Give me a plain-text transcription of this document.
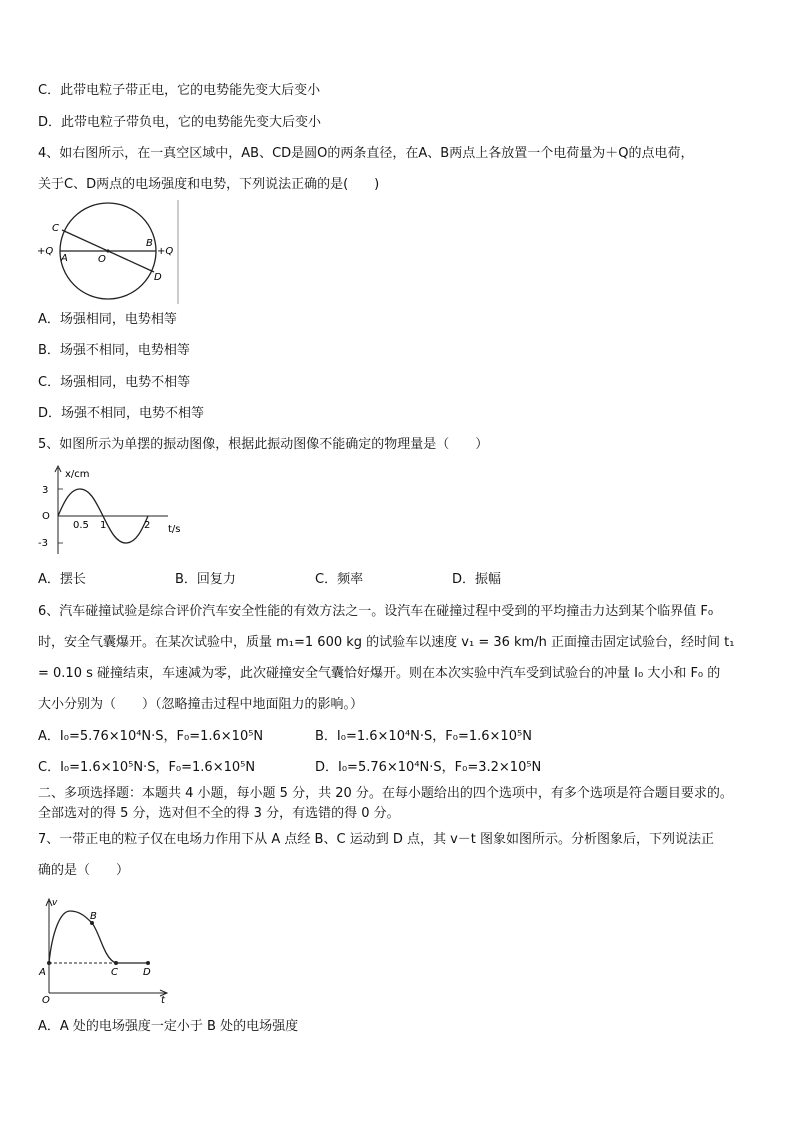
C．此带电粒子带正电，它的电势能先变大后变小
D．此带电粒子带负电，它的电势能先变大后变小
4、如右图所示，在一真空区域中，AB、CD是圆O的两条直径，在A、B两点上各放置一个电荷量为＋Q的点电荷，
关于C、D两点的电场强度和电势，下列说法正确的是(　　)
C
B
+Q
+Q
A	O
D
A．场强相同，电势相等
B．场强不相同，电势相等
C．场强相同，电势不相等
D．场强不相同，电势不相等
5、如图所示为单摆的振动图像，根据此振动图像不能确定的物理量是（　　）
x/cm
3
O
-3
0.5 1	2 t/s
A．摆长	B．回复力	C．频率	D．振幅
6、汽车碰撞试验是综合评价汽车安全性能的有效方法之一。设汽车在碰撞过程中受到的平均撞击力达到某个临界值 F₀
时，安全气囊爆开。在某次试验中，质量 m₁=1 600 kg 的试验车以速度 v₁ = 36 km/h 正面撞击固定试验台，经时间 t₁
= 0.10 s 碰撞结束，车速减为零，此次碰撞安全气囊恰好爆开。则在本次实验中汽车受到试验台的冲量 I₀ 大小和 F₀ 的
大小分别为（　　）（忽略撞击过程中地面阻力的影响。）
A．I₀=5.76×10⁴N·S，F₀=1.6×10⁵N	B．I₀=1.6×10⁴N·S，F₀=1.6×10⁵N
C．I₀=1.6×10⁵N·S，F₀=1.6×10⁵N	D．I₀=5.76×10⁴N·S，F₀=3.2×10⁵N
二、多项选择题：本题共 4 小题，每小题 5 分，共 20 分。在每小题给出的四个选项中，有多个选项是符合题目要求的。
全部选对的得 5 分，选对但不全的得 3 分，有选错的得 0 分。
7、一带正电的粒子仅在电场力作用下从 A 点经 B、C 运动到 D 点，其 v－t 图象如图所示。分析图象后，下列说法正
确的是（　　）
v
B
A	C	D
O	t
A．A 处的电场强度一定小于 B 处的电场强度
